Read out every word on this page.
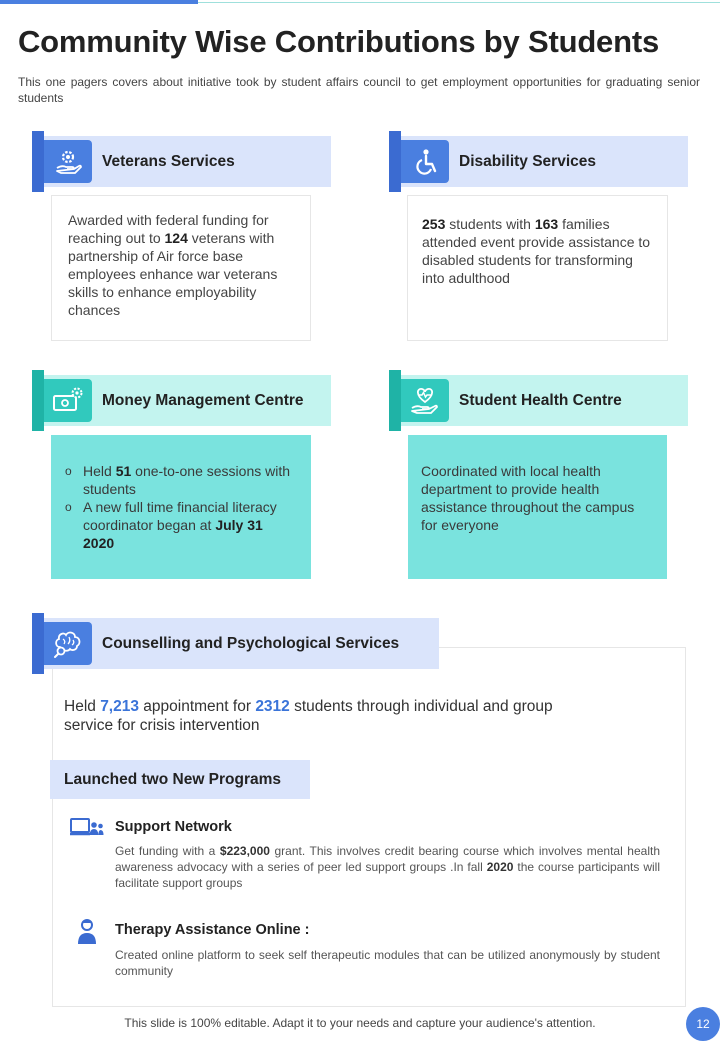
Community Wise Contributions by Students
This one pagers covers about initiative took by student affairs council to get employment opportunities for graduating senior students
Veterans Services
Awarded with federal funding for reaching out to 124 veterans with partnership of Air force base employees enhance war veterans skills to enhance employability chances
Disability Services
253 students with 163 families attended event provide assistance to disabled students for transforming into adulthood
Money Management Centre
o Held 51 one-to-one sessions with students
o A new full time financial literacy coordinator began at July 31 2020
Student Health Centre
Coordinated with local health department to provide health assistance throughout the campus for everyone
Counselling and Psychological Services
Held 7,213 appointment for 2312 students through individual and group service for crisis intervention
Launched two New Programs
Support Network
Get funding with a $223,000 grant. This involves credit bearing course which involves mental health awareness advocacy with a series of peer led support groups .In fall 2020 the course participants will facilitate support groups
Therapy Assistance Online :
Created online platform to seek self therapeutic modules that can be utilized anonymously by student community
This slide is 100% editable. Adapt it to your needs and capture your audience's attention.	12
